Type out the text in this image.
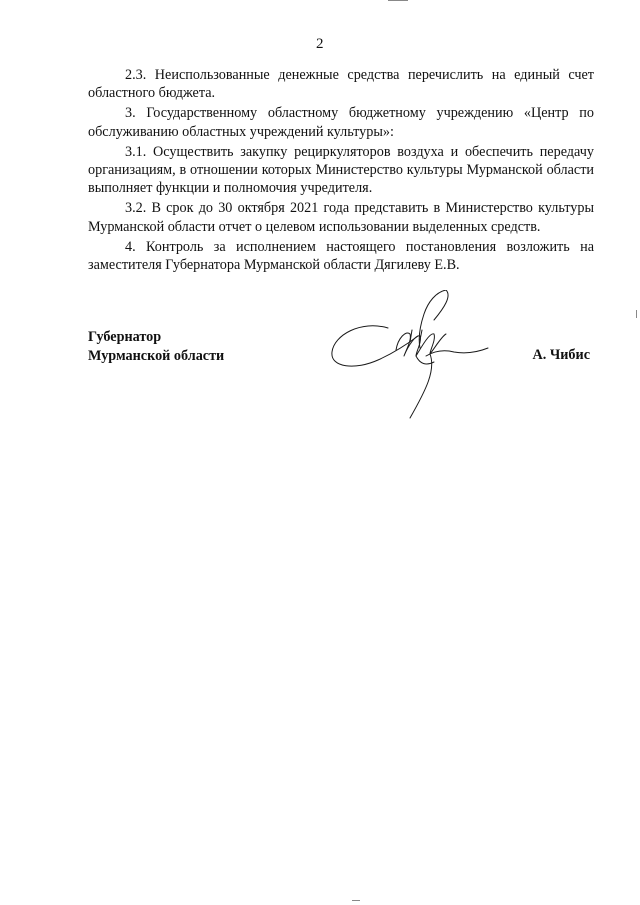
2

2.3. Неиспользованные денежные средства перечислить на единый счет областного бюджета.

3. Государственному областному бюджетному учреждению «Центр по обслуживанию областных учреждений культуры»:

3.1. Осуществить закупку рециркуляторов воздуха и обеспечить передачу организациям, в отношении которых Министерство культуры Мурманской области выполняет функции и полномочия учредителя.

3.2. В срок до 30 октября 2021 года представить в Министерство культуры Мурманской области отчет о целевом использовании выделенных средств.

4. Контроль за исполнением настоящего постановления возложить на заместителя Губернатора Мурманской области Дягилеву Е.В.

Губернатор
Мурманской области	А. Чибис
